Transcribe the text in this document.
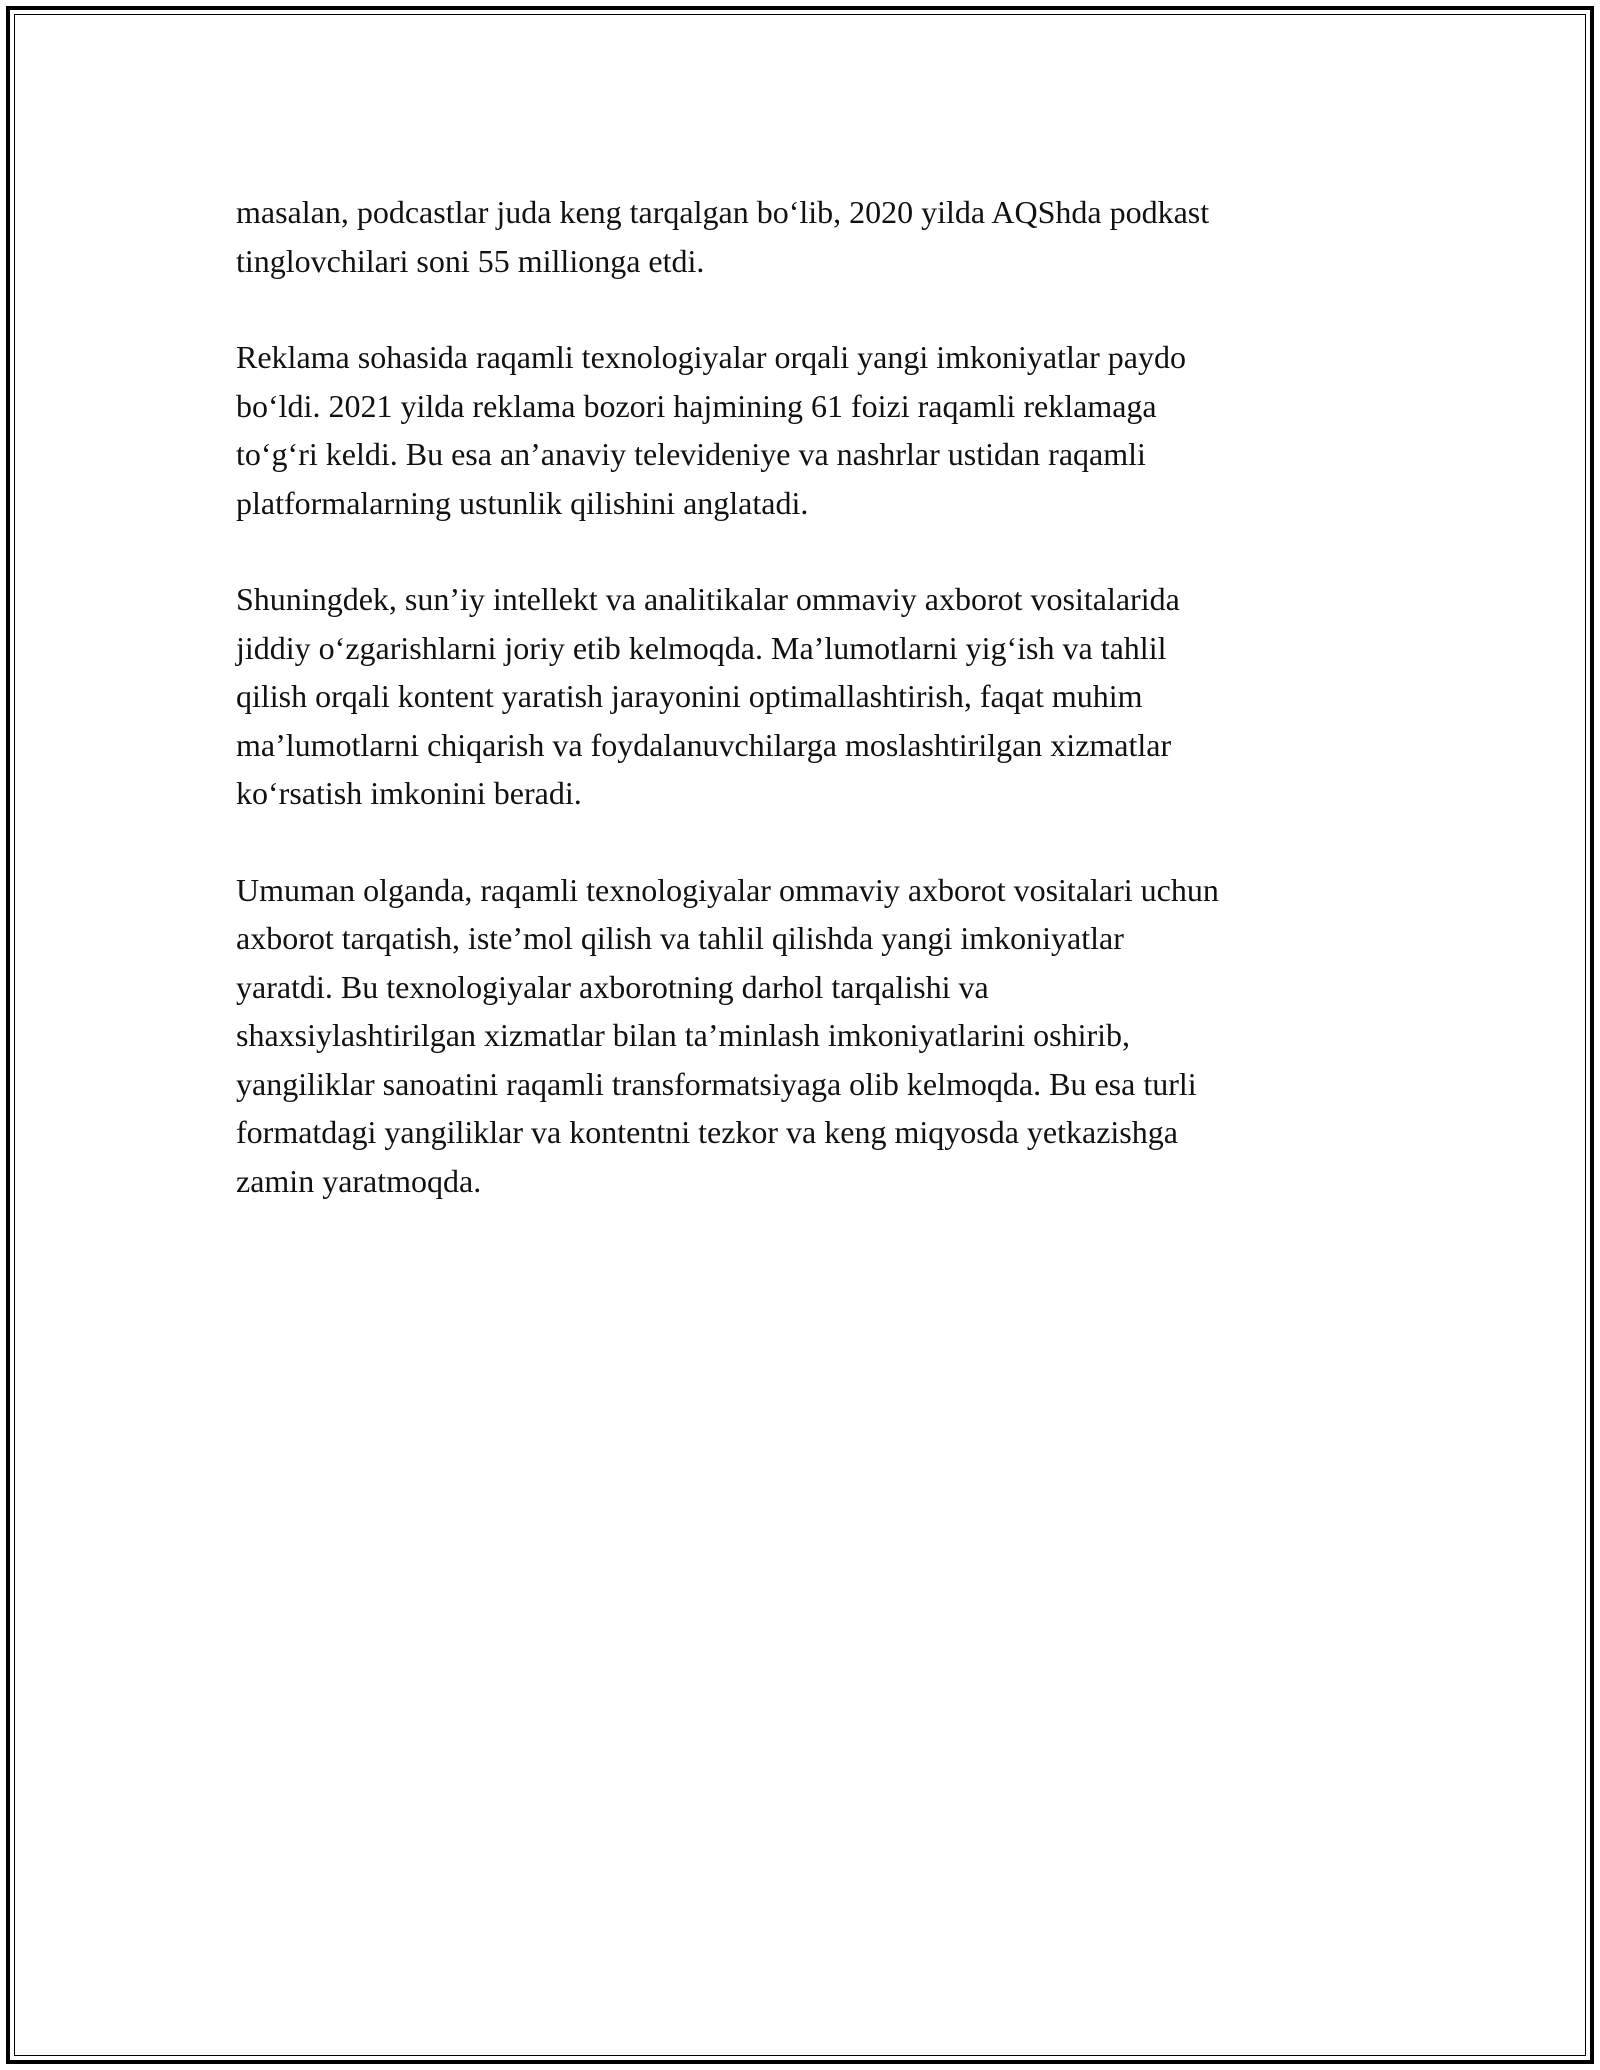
masalan, podcastlar juda keng tarqalgan boʻlib, 2020 yilda AQShda podkast
tinglovchilari soni 55 millionga etdi.

Reklama sohasida raqamli texnologiyalar orqali yangi imkoniyatlar paydo
boʻldi. 2021 yilda reklama bozori hajmining 61 foizi raqamli reklamaga
toʻgʻri keldi. Bu esa an’anaviy televideniye va nashrlar ustidan raqamli
platformalarning ustunlik qilishini anglatadi.

Shuningdek, sun’iy intellekt va analitikalar ommaviy axborot vositalarida
jiddiy oʻzgarishlarni joriy etib kelmoqda. Ma’lumotlarni yigʻish va tahlil
qilish orqali kontent yaratish jarayonini optimallashtirish, faqat muhim
ma’lumotlarni chiqarish va foydalanuvchilarga moslashtirilgan xizmatlar
koʻrsatish imkonini beradi.

Umuman olganda, raqamli texnologiyalar ommaviy axborot vositalari uchun
axborot tarqatish, iste’mol qilish va tahlil qilishda yangi imkoniyatlar
yaratdi. Bu texnologiyalar axborotning darhol tarqalishi va
shaxsiylashtirilgan xizmatlar bilan ta’minlash imkoniyatlarini oshirib,
yangiliklar sanoatini raqamli transformatsiyaga olib kelmoqda. Bu esa turli
formatdagi yangiliklar va kontentni tezkor va keng miqyosda yetkazishga
zamin yaratmoqda.
